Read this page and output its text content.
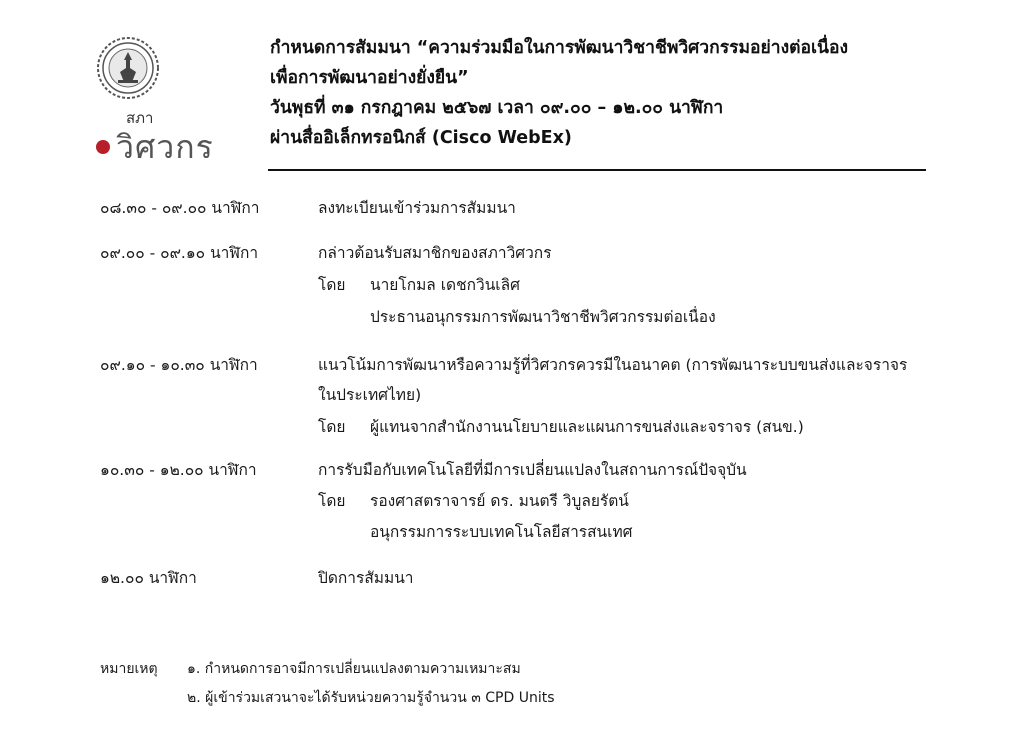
สภา
วิศวกร
กำหนดการสัมมนา “ความร่วมมือในการพัฒนาวิชาชีพวิศวกรรมอย่างต่อเนื่อง
เพื่อการพัฒนาอย่างยั่งยืน”
วันพุธที่ ๓๑ กรกฎาคม ๒๕๖๗ เวลา ๐๙.๐๐ – ๑๒.๐๐ นาฬิกา
ผ่านสื่ออิเล็กทรอนิกส์ (Cisco WebEx)
๐๘.๓๐ - ๐๙.๐๐ นาฬิกา	ลงทะเบียนเข้าร่วมการสัมมนา
๐๙.๐๐ - ๐๙.๑๐ นาฬิกา	กล่าวต้อนรับสมาชิกของสภาวิศวกร
โดย นายโกมล เดชกวินเลิศ
ประธานอนุกรรมการพัฒนาวิชาชีพวิศวกรรมต่อเนื่อง
๐๙.๑๐ - ๑๐.๓๐ นาฬิกา	แนวโน้มการพัฒนาหรือความรู้ที่วิศวกรควรมีในอนาคต (การพัฒนาระบบขนส่งและจราจร
ในประเทศไทย)
โดย ผู้แทนจากสำนักงานนโยบายและแผนการขนส่งและจราจร (สนข.)
๑๐.๓๐ - ๑๒.๐๐ นาฬิกา	การรับมือกับเทคโนโลยีที่มีการเปลี่ยนแปลงในสถานการณ์ปัจจุบัน
โดย รองศาสตราจารย์ ดร. มนตรี วิบูลยรัตน์
อนุกรรมการระบบเทคโนโลยีสารสนเทศ
๑๒.๐๐ นาฬิกา	ปิดการสัมมนา
หมายเหตุ ๑. กำหนดการอาจมีการเปลี่ยนแปลงตามความเหมาะสม
๒. ผู้เข้าร่วมเสวนาจะได้รับหน่วยความรู้จำนวน ๓ CPD Units
